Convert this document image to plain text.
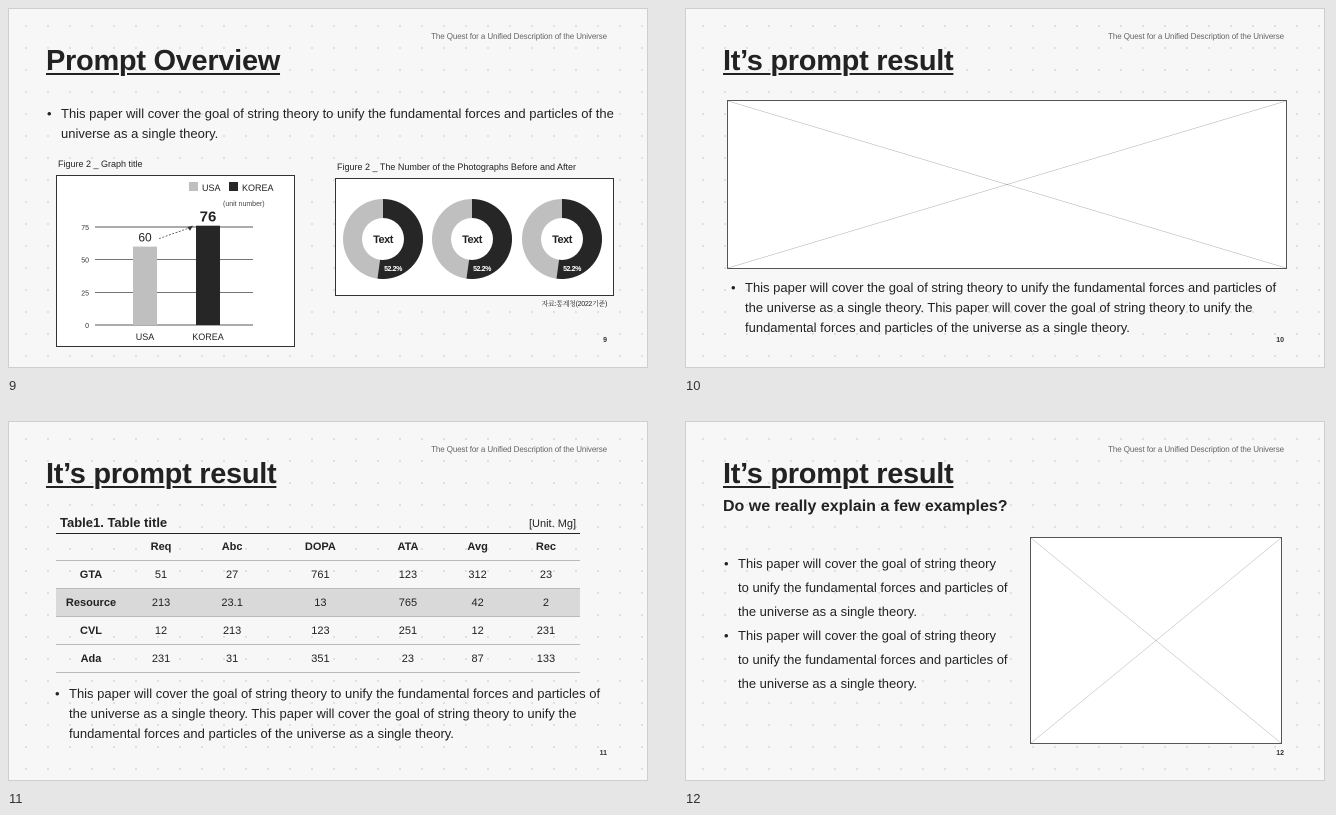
The Quest for a Unified Description of the Universe
Prompt Overview
• This paper will cover the goal of string theory to unify the fundamental forces and particles of the universe as a single theory.
Figure 2 _ Graph title
0
25
50
75
60
USA
76
KOREA
USA KOREA
(unit number)
Figure 2 _ The Number of the Photographs Before and After
Text
52.2%
Text
52.2%
Text
52.2%
자료:통계청(2022기준)
9
9
The Quest for a Unified Description of the Universe
It’s prompt result
• This paper will cover the goal of string theory to unify the fundamental forces and particles of the universe as a single theory. This paper will cover the goal of string theory to unify the fundamental forces and particles of the universe as a single theory.
10
10
The Quest for a Unified Description of the Universe
It’s prompt result
Table1. Table title	[Unit. Mg]
	Req	Abc	DOPA	ATA	Avg	Rec
GTA	51	27	761	123	312	23
Resource	213	23.1	13	765	42	2
CVL	12	213	123	251	12	231
Ada	231	31	351	23	87	133
• This paper will cover the goal of string theory to unify the fundamental forces and particles of the universe as a single theory. This paper will cover the goal of string theory to unify the fundamental forces and particles of the universe as a single theory.
11
11
The Quest for a Unified Description of the Universe
It’s prompt result
Do we really explain a few examples?
• This paper will cover the goal of string theory to unify the fundamental forces and particles of the universe as a single theory.
• This paper will cover the goal of string theory to unify the fundamental forces and particles of the universe as a single theory.
12
12
